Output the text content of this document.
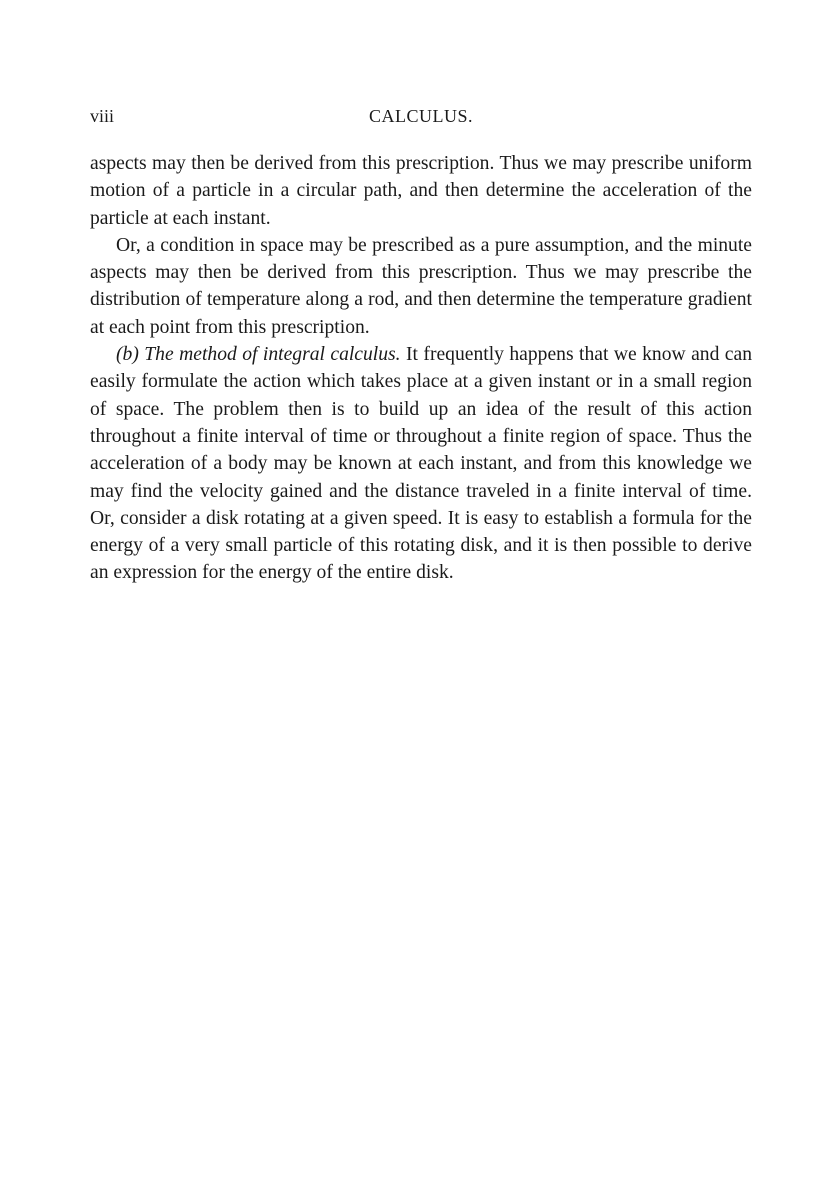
viii	CALCULUS.

aspects may then be derived from this prescription. Thus we may prescribe uniform motion of a particle in a circular path, and then determine the acceleration of the particle at each instant.

Or, a condition in space may be prescribed as a pure assumption, and the minute aspects may then be derived from this prescription. Thus we may prescribe the distribution of temperature along a rod, and then determine the temperature gradient at each point from this prescription.

(b) The method of integral calculus. It frequently happens that we know and can easily formulate the action which takes place at a given instant or in a small region of space. The problem then is to build up an idea of the result of this action throughout a finite interval of time or throughout a finite region of space. Thus the acceleration of a body may be known at each instant, and from this knowledge we may find the velocity gained and the distance traveled in a finite interval of time. Or, consider a disk rotating at a given speed. It is easy to establish a formula for the energy of a very small particle of this rotating disk, and it is then possible to derive an expression for the energy of the entire disk.
